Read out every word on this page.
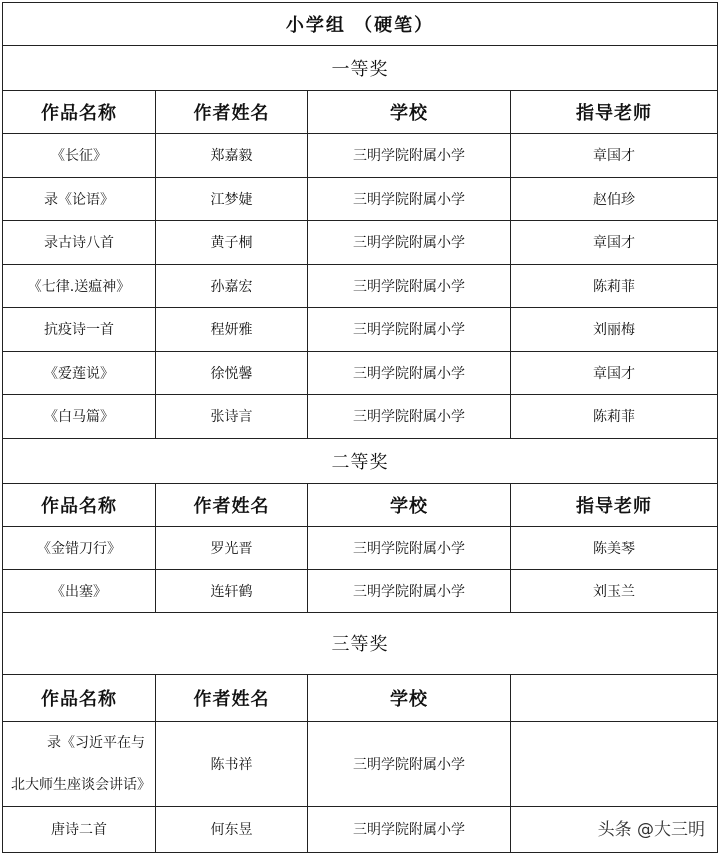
小学组 （硬笔）			
一等奖			
作品名称	作者姓名	学校	指导老师
《长征》	郑嘉毅	三明学院附属小学	章国才
录《论语》	江梦婕	三明学院附属小学	赵伯珍
录古诗八首	黄子桐	三明学院附属小学	章国才
《七律.送瘟神》	孙嘉宏	三明学院附属小学	陈莉菲
抗疫诗一首	程妍雅	三明学院附属小学	刘丽梅
《爱莲说》	徐悦馨	三明学院附属小学	章国才
《白马篇》	张诗言	三明学院附属小学	陈莉菲
二等奖			
作品名称	作者姓名	学校	指导老师
《金错刀行》	罗光晋	三明学院附属小学	陈美琴
《出塞》	连轩鹤	三明学院附属小学	刘玉兰
三等奖			
作品名称	作者姓名	学校	
录《习近平在与北大师生座谈会讲话》	陈书祥	三明学院附属小学	
唐诗二首	何东昱	三明学院附属小学		头条 @大三明
